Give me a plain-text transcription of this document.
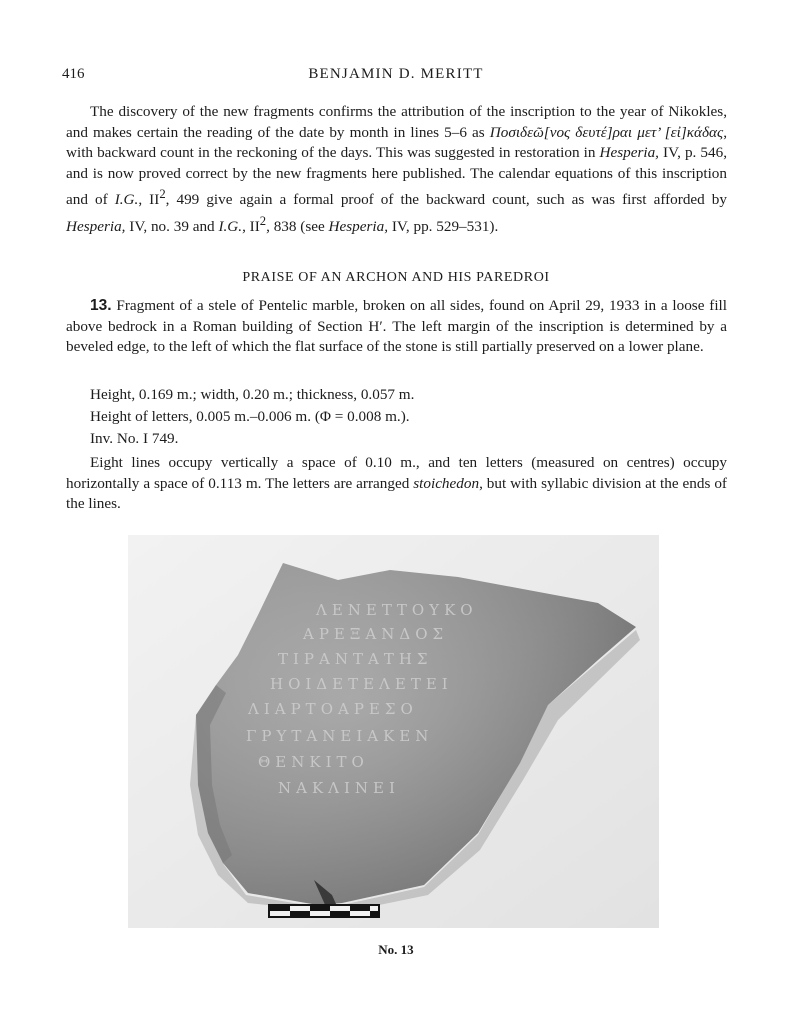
416	BENJAMIN D. MERITT

The discovery of the new fragments confirms the attribution of the inscription to the year of Nikokles, and makes certain the reading of the date by month in lines 5–6 as Ποσιδεῶ[νος δευτέ]ραι μετ’ [εἰ]κάδας, with backward count in the reckoning of the days. This was suggested in restoration in Hesperia, IV, p. 546, and is now proved correct by the new fragments here published. The calendar equations of this inscription and of I.G., $II^2$, 499 give again a formal proof of the backward count, such as was first afforded by Hesperia, IV, no. 39 and I.G., $II^2$, 838 (see Hesperia, IV, pp. 529–531).

PRAISE OF AN ARCHON AND HIS PAREDROI

13. Fragment of a stele of Pentelic marble, broken on all sides, found on April 29, 1933 in a loose fill above bedrock in a Roman building of Section Η′. The left margin of the inscription is determined by a beveled edge, to the left of which the flat surface of the stone is still partially preserved on a lower plane.

Height, 0.169 m.; width, 0.20 m.; thickness, 0.057 m.
Height of letters, 0.005 m.–0.006 m. (Φ = 0.008 m.).
Inv. No. I 749.

Eight lines occupy vertically a space of 0.10 m., and ten letters (measured on centres) occupy horizontally a space of 0.113 m. The letters are arranged stoichedon, but with syllabic division at the ends of the lines.

ΛΕΝΕΤΤΟΥΚΟ
ΑΡΕΞΑΝΔΟΣ
ΤΙΡΑΝΤΑΤΗΣ
ΗΟΙΔΕΤΕΛΕΤΕΙ
ΛΙΑΡΤΟΑΡΕΣΟ
ΓΡΥΤΑΝΕΙΑΚΕΝ
ΘΕΝΚΙΤΟ
ΝΑΚΛΙΝΕΙ
No. 13
